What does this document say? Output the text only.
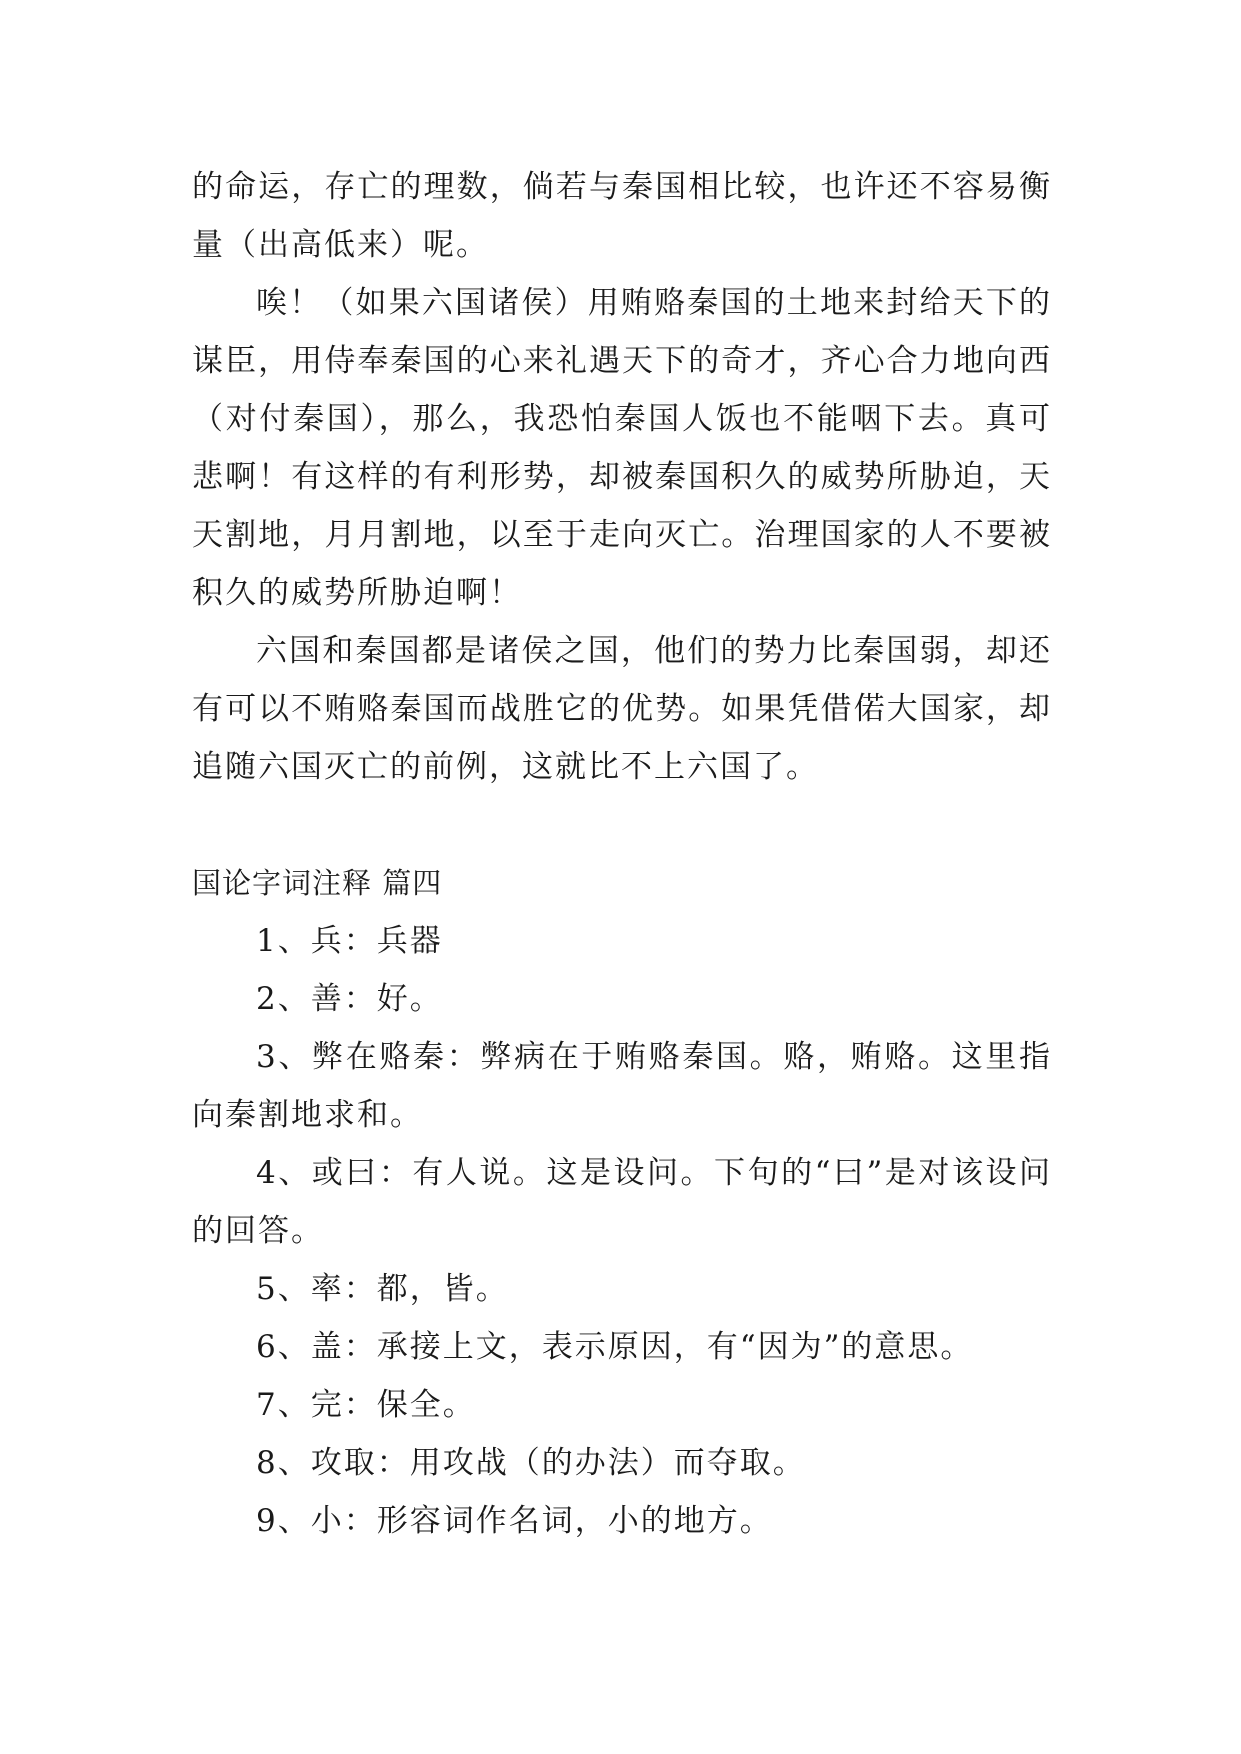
的命运，存亡的理数，倘若与秦国相比较，也许还不容易衡量（出高低来）呢。

唉！（如果六国诸侯）用贿赂秦国的土地来封给天下的谋臣，用侍奉秦国的心来礼遇天下的奇才，齐心合力地向西（对付秦国），那么，我恐怕秦国人饭也不能咽下去。真可悲啊！有这样的有利形势，却被秦国积久的威势所胁迫，天天割地，月月割地，以至于走向灭亡。治理国家的人不要被积久的威势所胁迫啊！

六国和秦国都是诸侯之国，他们的势力比秦国弱，却还有可以不贿赂秦国而战胜它的优势。如果凭借偌大国家，却追随六国灭亡的前例，这就比不上六国了。

国论字词注释 篇四

1、兵：兵器

2、善：好。

3、弊在赂秦：弊病在于贿赂秦国。赂，贿赂。这里指向秦割地求和。

4、或曰：有人说。这是设问。下句的“曰”是对该设问的回答。

5、率：都，皆。

6、盖：承接上文，表示原因，有“因为”的意思。

7、完：保全。

8、攻取：用攻战（的办法）而夺取。

9、小：形容词作名词，小的地方。
